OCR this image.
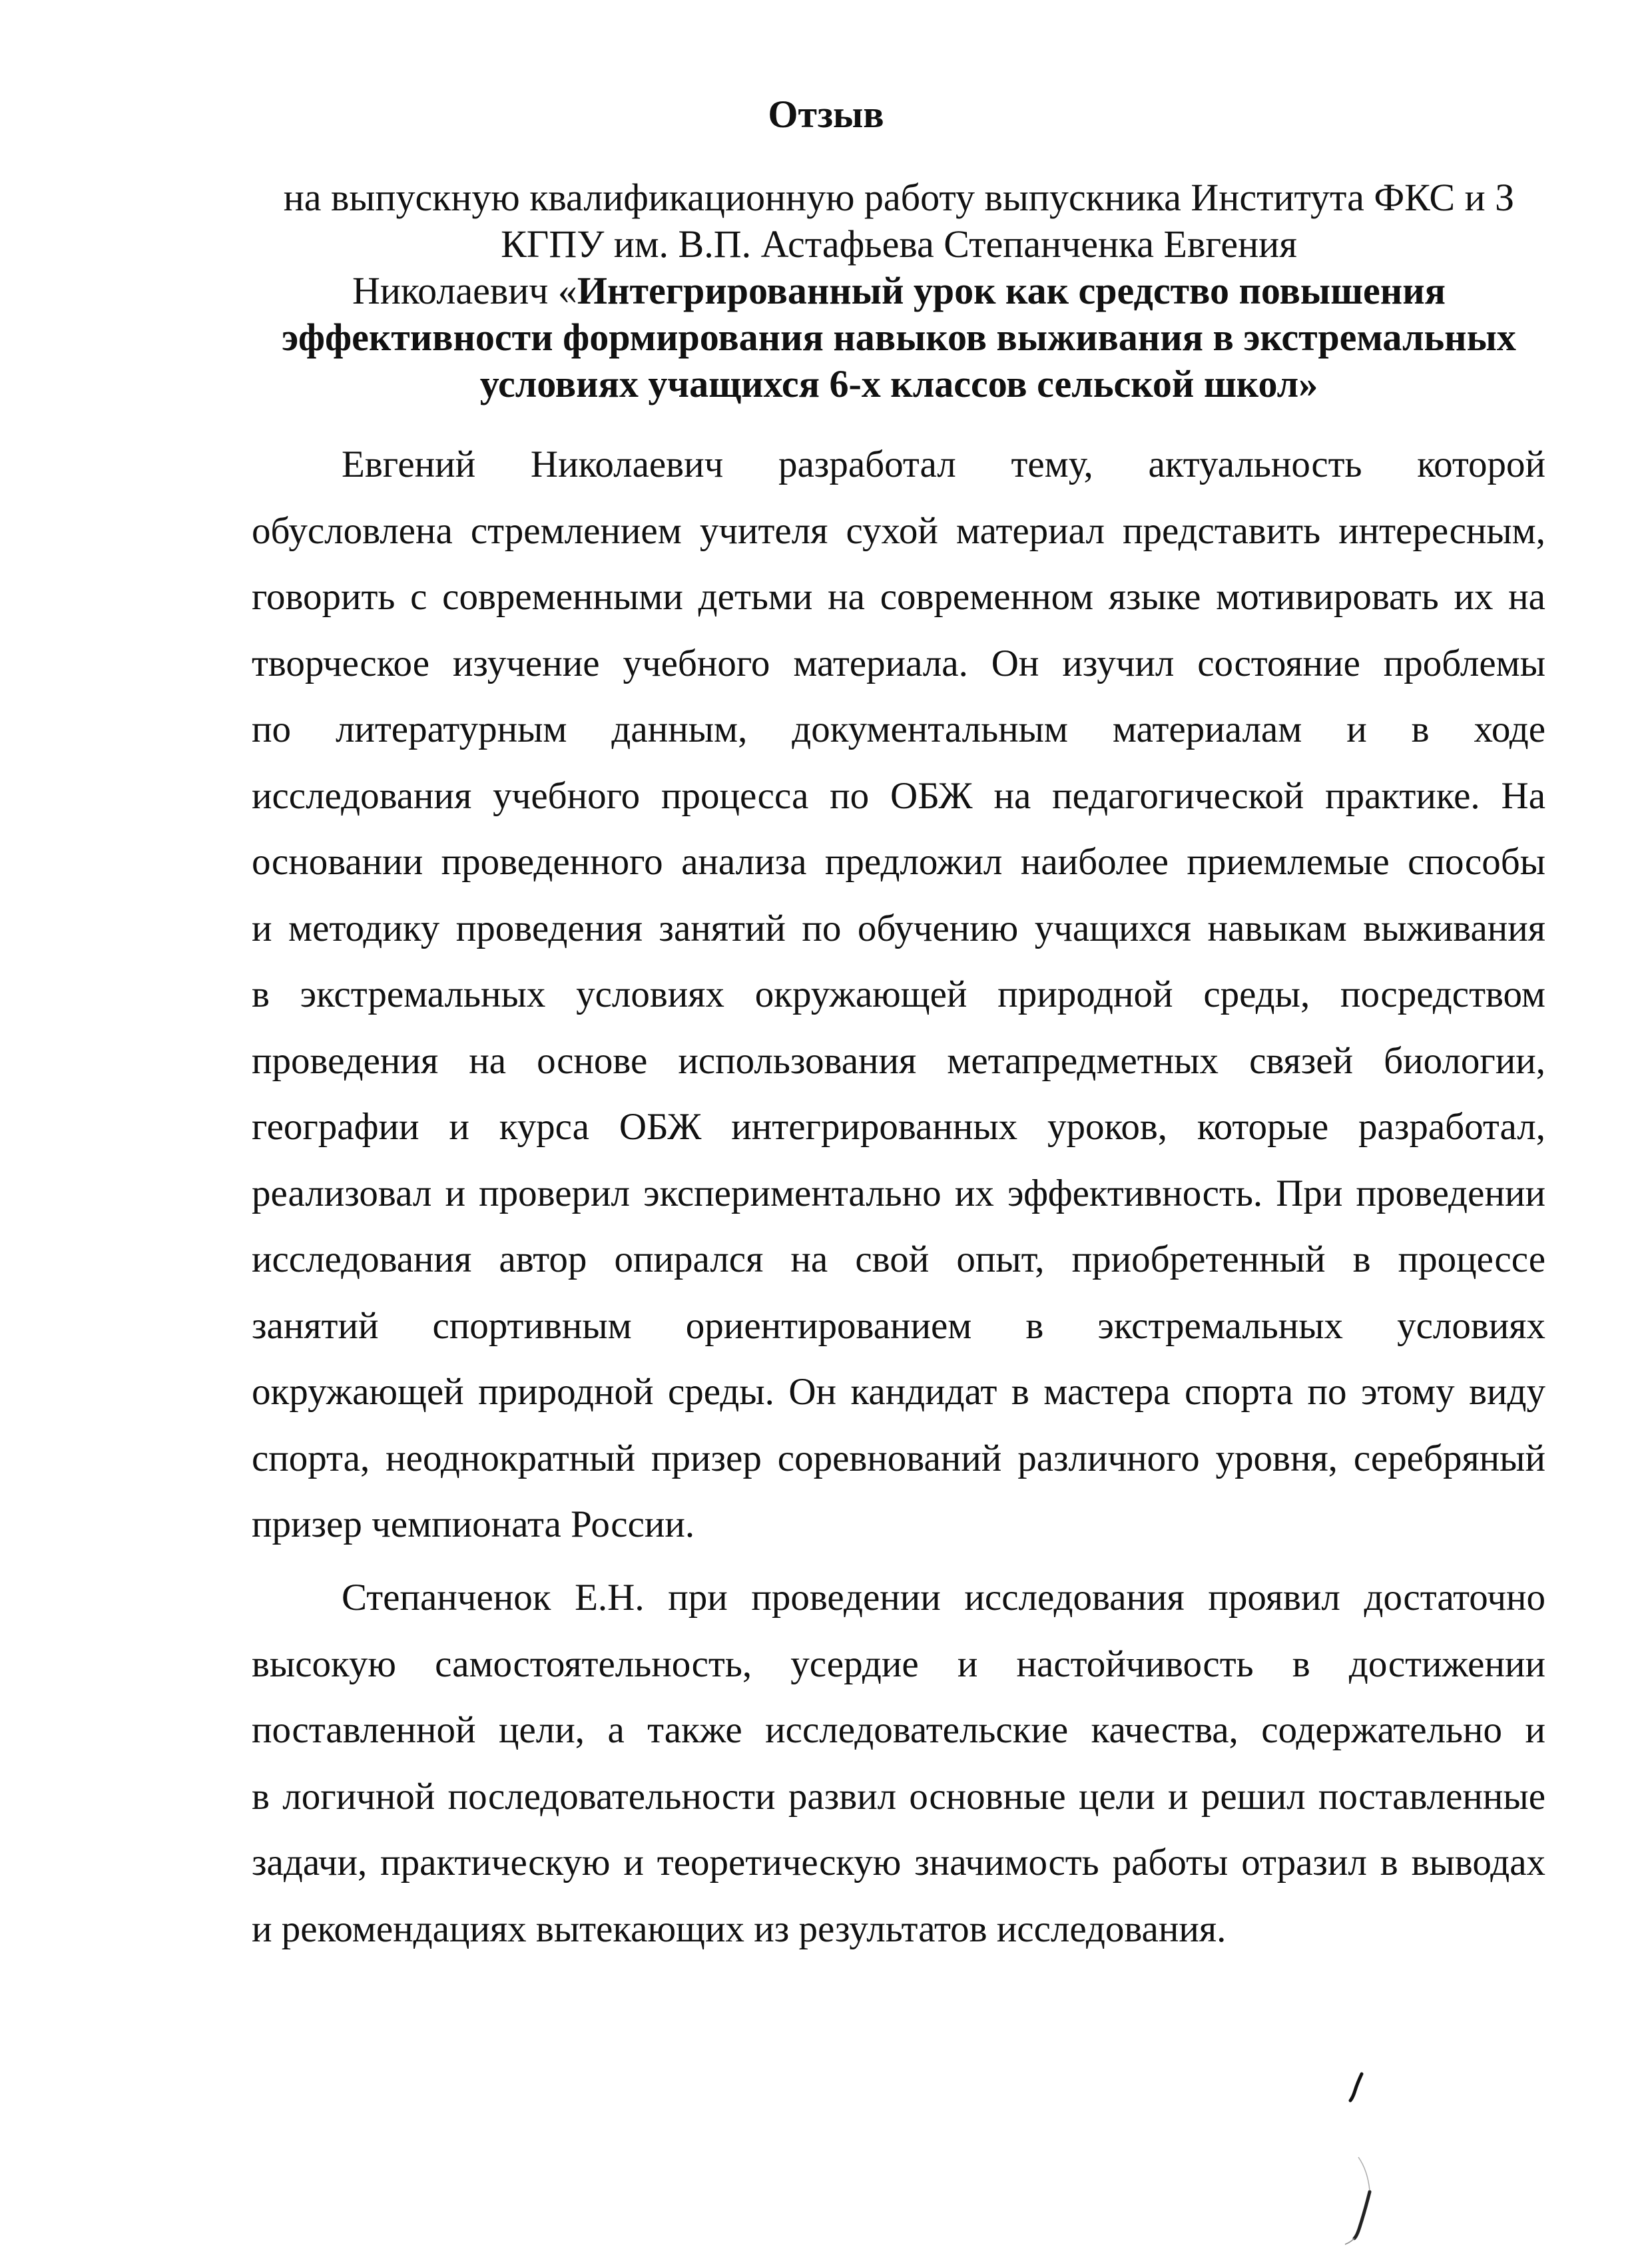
Отзыв
на выпускную квалификационную работу выпускника Института ФКС и З
КГПУ им. В.П. Астафьева Степанченка Евгения
Николаевич «Интегрированный урок как средство повышения
эффективности формирования навыков выживания в экстремальных
условиях учащихся 6-х классов сельской школ»
Евгений Николаевич разработал тему, актуальность которой
обусловлена стремлением учителя сухой материал представить интересным,
говорить с современными детьми на современном языке мотивировать их на
творческое изучение учебного материала. Он изучил состояние проблемы
по литературным данным, документальным материалам и в ходе
исследования учебного процесса по ОБЖ на педагогической практике. На
основании проведенного анализа предложил наиболее приемлемые способы
и методику проведения занятий по обучению учащихся навыкам выживания
в экстремальных условиях окружающей природной среды, посредством
проведения на основе использования метапредметных связей биологии,
географии и курса ОБЖ интегрированных уроков, которые разработал,
реализовал и проверил экспериментально их эффективность. При проведении
исследования автор опирался на свой опыт, приобретенный в процессе
занятий спортивным ориентированием в экстремальных условиях
окружающей природной среды. Он кандидат в мастера спорта по этому виду
спорта, неоднократный призер соревнований различного уровня, серебряный
призер чемпионата России.
Степанченок Е.Н. при проведении исследования проявил достаточно
высокую самостоятельность, усердие и настойчивость в достижении
поставленной цели, а также исследовательские качества, содержательно и
в логичной последовательности развил основные цели и решил поставленные
задачи, практическую и теоретическую значимость работы отразил в выводах
и рекомендациях вытекающих из результатов исследования.
